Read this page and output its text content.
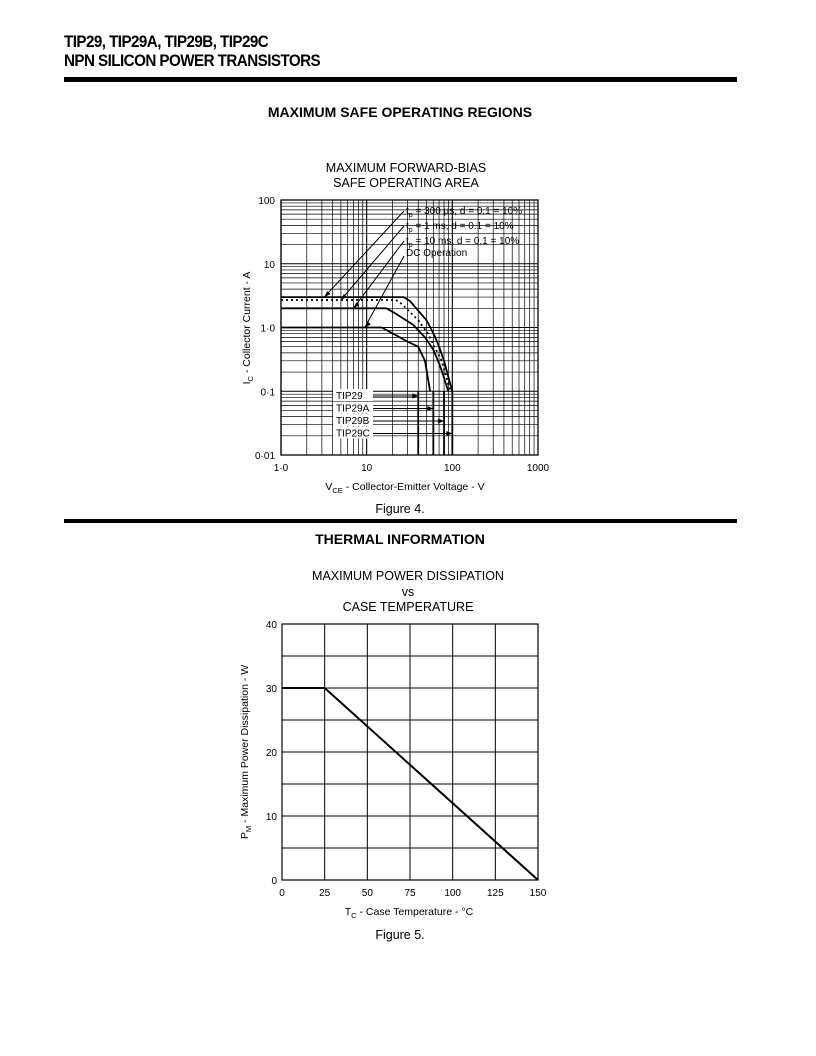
TIP29, TIP29A, TIP29B, TIP29C
NPN SILICON POWER TRANSISTORS
MAXIMUM SAFE OPERATING REGIONS
MAXIMUM FORWARD-BIAS
SAFE OPERATING AREA
0·01
0·1
1·0
10
100
1·0	10	100	1000
$t_p = 300$ µs, d = 0.1 = 10%
$t_p = 1$ ms, d = 0.1 = 10%
$t_p = 10$ ms, d = 0.1 = 10%
DC Operation
TIP29
TIP29A
TIP29B
TIP29C
$V_{CE}$ - Collector-Emitter Voltage - V
$I_C$ - Collector Current - A
Figure 4.
THERMAL INFORMATION
MAXIMUM POWER DISSIPATION
vs
CASE TEMPERATURE
0
10
20
30
40
0	25	50	75	100	125	150
$T_C$ - Case Temperature - °C
$P_M$ - Maximum Power Dissipation - W
Figure 5.
